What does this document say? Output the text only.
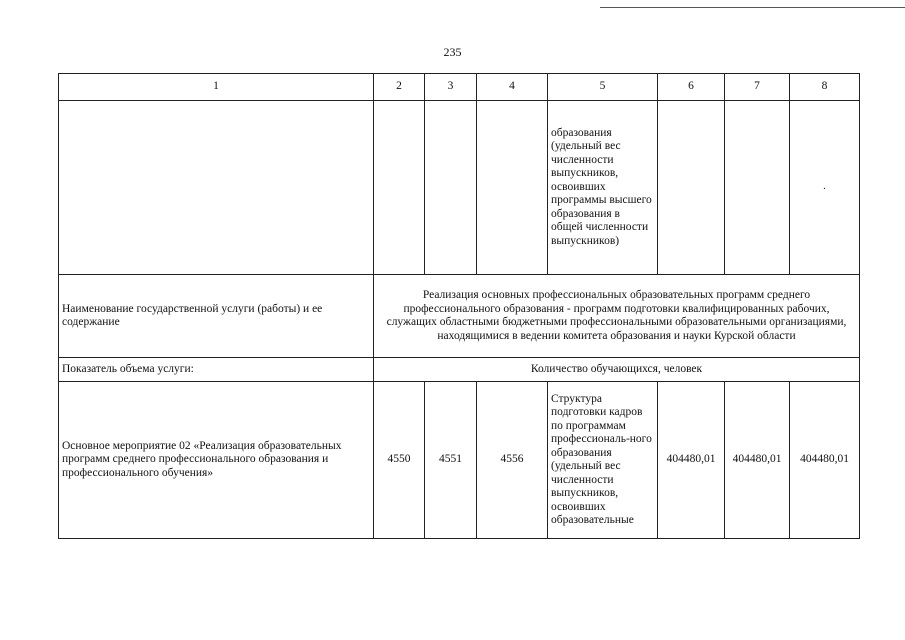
235
1	2	3	4	5	6	7	8
				образования (удельный вес численности выпускников, освоивших программы высшего образования в общей численности выпускников)			·

Наименование государственной услуги (работы) и ее содержание	Реализация основных профессиональных образовательных программ среднего профессионального образования - программ подготовки квалифицированных рабочих, служащих областными бюджетными профессиональными образовательными организациями, находящимися в ведении комитета образования и науки Курской области						
Показатель объема услуги:	Количество обучающихся, человек						
Основное мероприятие 02 «Реализация образовательных программ среднего профессионального образования и профессионального обучения»	4550	4551	4556	Структура подготовки кадров по программам профессиональ-ного образования (удельный вес численности выпускников, освоивших образовательные	404480,01	404480,01	404480,01
